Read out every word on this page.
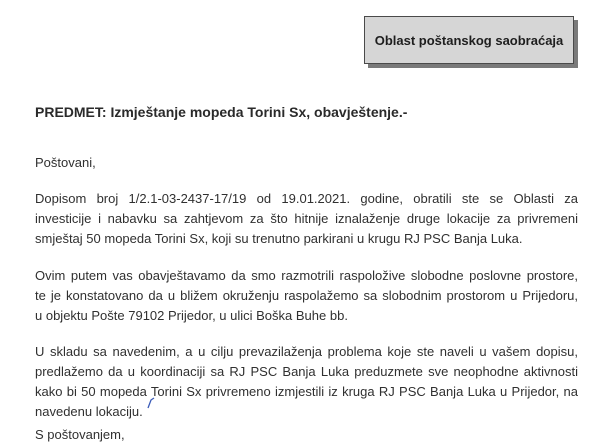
Oblast poštanskog saobraćaja
PREDMET: Izmještanje mopeda Torini Sx, obavještenje.-
Poštovani,
Dopisom broj 1/2.1-03-2437-17/19 od 19.01.2021. godine, obratili ste se Oblasti za
investicije i nabavku sa zahtjevom za što hitnije iznalaženje druge lokacije za privremeni
smještaj 50 mopeda Torini Sx, koji su trenutno parkirani u krugu RJ PSC Banja Luka.
Ovim putem vas obavještavamo da smo razmotrili raspoložive slobodne poslovne prostore,
te je konstatovano da u bližem okruženju raspolažemo sa slobodnim prostorom u Prijedoru,
u objektu Pošte 79102 Prijedor, u ulici Boška Buhe bb.
U skladu sa navedenim, a u cilju prevazilaženja problema koje ste naveli u vašem dopisu,
predlažemo da u koordinaciji sa RJ PSC Banja Luka preduzmete sve neophodne aktivnosti
kako bi 50 mopeda Torini Sx privremeno izmjestili iz kruga RJ PSC Banja Luka u Prijedor, na
navedenu lokaciju.
S poštovanjem,
